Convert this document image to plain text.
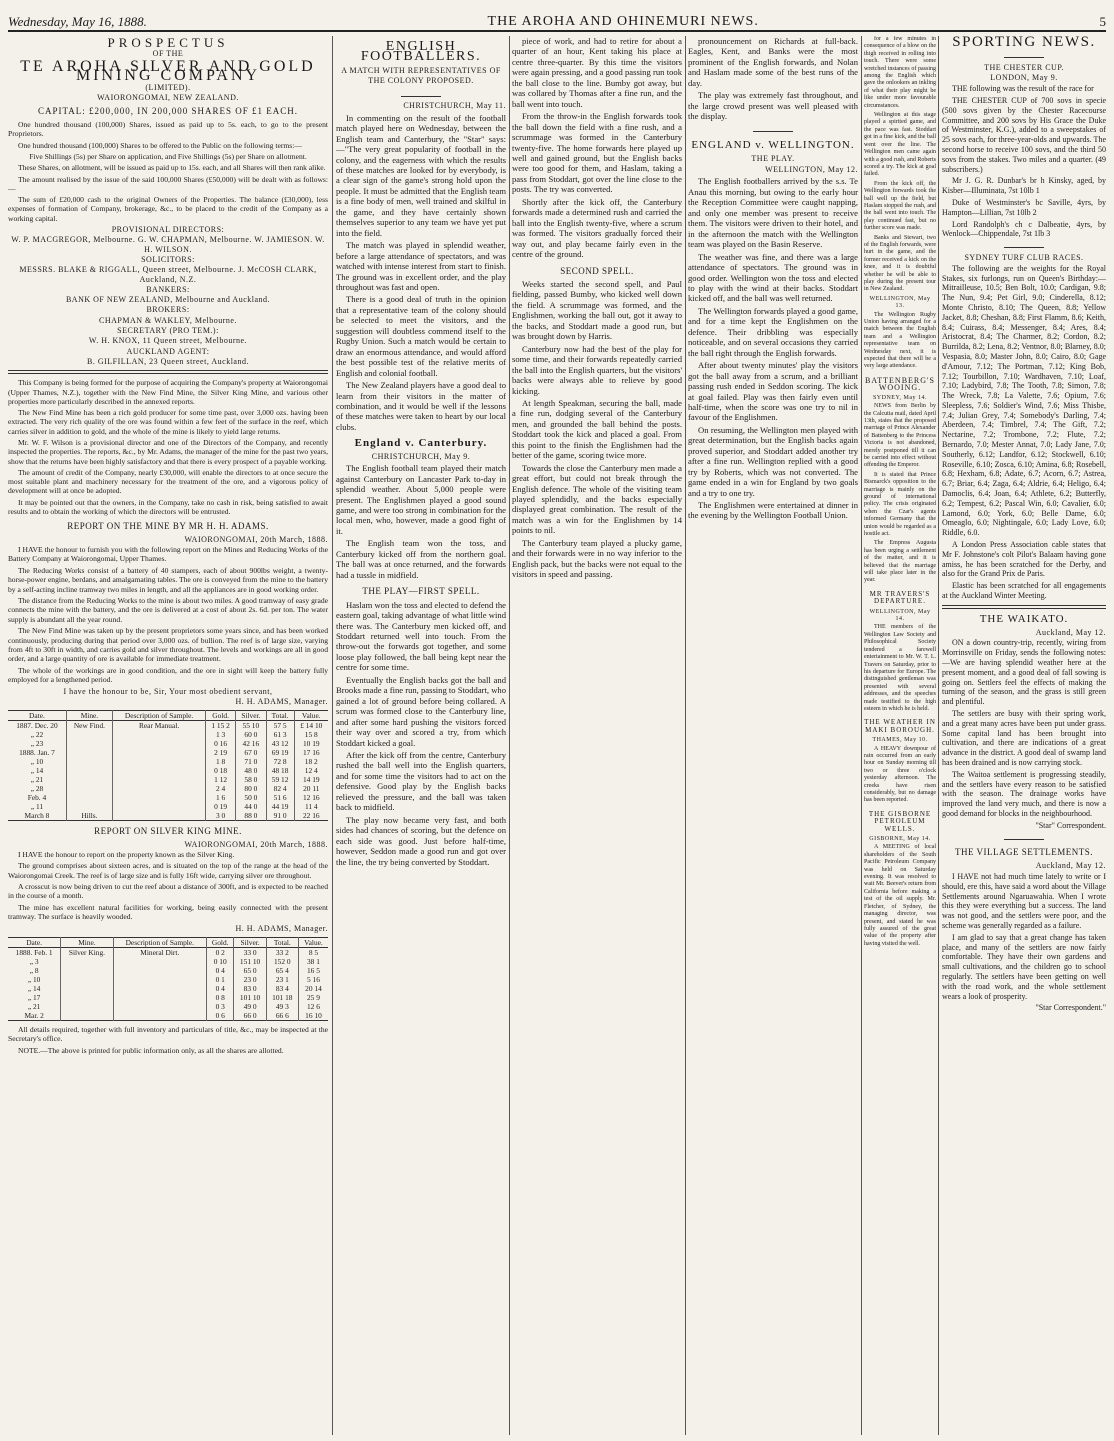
Wednesday, May 16, 1888.	THE AROHA AND OHINEMURI NEWS.	5
PROSPECTUS
OF THE
TE AROHA SILVER AND GOLD MINING COMPANY
(LIMITED).
WAIORONGOMAI, NEW ZEALAND.
CAPITAL: £200,000, IN 200,000 SHARES OF £1 EACH.

One hundred thousand (100,000) Shares, issued as paid up to 5s. each, to go to the present Proprietors.

One hundred thousand (100,000) Shares to be offered to the Public on the following terms:—

Five Shillings (5s) per Share on application, and Five Shillings (5s) per Share on allotment.

These Shares, on allotment, will be issued as paid up to 15s. each, and all Shares will then rank alike.

The amount realised by the issue of the said 100,000 Shares (£50,000) will be dealt with as follows:—

The sum of £20,000 cash to the original Owners of the Properties. The balance (£30,000), less expenses of formation of Company, brokerage, &c., to be placed to the credit of the Company as a working capital.

PROVISIONAL DIRECTORS:
W. P. MACGREGOR, Melbourne. G. W. CHAPMAN, Melbourne. W. JAMIESON. W. H. WILSON.
SOLICITORS:
MESSRS. BLAKE & RIGGALL, Queen street, Melbourne. J. McCOSH CLARK, Auckland, N.Z.
BANKERS:
BANK OF NEW ZEALAND, Melbourne and Auckland.
BROKERS:
CHAPMAN & WAKLEY, Melbourne.
SECRETARY (PRO TEM.):
W. H. KNOX, 11 Queen street, Melbourne.
AUCKLAND AGENT:
B. GILFILLAN, 23 Queen street, Auckland.

This Company is being formed for the purpose of acquiring the Company's property at Waiorongomai (Upper Thames, N.Z.), together with the New Find Mine, the Silver King Mine, and various other properties more particularly described in the annexed reports.

The New Find Mine has been a rich gold producer for some time past, over 3,000 ozs. having been extracted. The very rich quality of the ore was found within a few feet of the surface in the reef, which carries silver in addition to gold, and the whole of the mine is likely to yield large returns.

Mr. W. F. Wilson is a provisional director and one of the Directors of the Company, and recently inspected the properties. The reports, &c., by Mr. Adams, the manager of the mine for the past two years, show that the returns have been highly satisfactory and that there is every prospect of a payable working.

The amount of credit of the Company, nearly £30,000, will enable the directors to at once secure the most suitable plant and machinery necessary for the treatment of the ore, and a vigorous policy of development will at once be adopted.

It may be pointed out that the owners, in the Company, take no cash in risk, being satisfied to await results and to obtain the working of which the directors will be entrusted.

REPORT ON THE MINE BY MR H. H. ADAMS.
WAIORONGOMAI, 20th March, 1888.

I HAVE the honour to furnish you with the following report on the Mines and Reducing Works of the Battery Company at Waiorongomai, Upper Thames.

The Reducing Works consist of a battery of 40 stampers, each of about 900lbs weight, a twenty-horse-power engine, berdans, and amalgamating tables. The ore is conveyed from the mine to the battery by a self-acting incline tramway two miles in length, and all the appliances are in good working order.

The distance from the Reducing Works to the mine is about two miles. A good tramway of easy grade connects the mine with the battery, and the ore is delivered at a cost of about 2s. 6d. per ton. The water supply is abundant all the year round.

The New Find Mine was taken up by the present proprietors some years since, and has been worked continuously, producing during that period over 3,000 ozs. of bullion. The reef is of large size, varying from 4ft to 30ft in width, and carries gold and silver throughout. The levels and workings are all in good order, and a large quantity of ore is available for immediate treatment.

The whole of the workings are in good condition, and the ore in sight will keep the battery fully employed for a lengthened period.

I have the honour to be, Sir, Your most obedient servant,
H. H. ADAMS, Manager.
Date.	Mine.	Description of Sample.	Gold.	Silver.	Total.	Value.
1887. Dec. 20	New Find.	Rear Manual.	1 15 2	55 10	57 5	£ 14 10
„ 22			1 3	60 0	61 3	15 8
„ 23			0 16	42 16	43 12	10 19
1888. Jan. 7			2 19	67 0	69 19	17 16
„ 10			1 8	71 0	72 8	18 2
„ 14			0 18	48 0	48 18	12 4
„ 21			1 12	58 0	59 12	14 19
„ 28			2 4	80 0	82 4	20 11
Feb. 4			1 6	50 0	51 6	12 16
„ 11			0 19	44 0	44 19	11 4
March 8	Hills.		3 0	88 0	91 0	22 16
REPORT ON SILVER KING MINE.
WAIORONGOMAI, 20th March, 1888.

I HAVE the honour to report on the property known as the Silver King.

The ground comprises about sixteen acres, and is situated on the top of the range at the head of the Waiorongomai Creek. The reef is of large size and is fully 16ft wide, carrying silver ore throughout.

A crosscut is now being driven to cut the reef about a distance of 300ft, and is expected to be reached in the course of a month.

The mine has excellent natural facilities for working, being easily connected with the present tramway. The surface is heavily wooded.

H. H. ADAMS, Manager.
Date.	Mine.	Description of Sample.	Gold.	Silver.	Total.	Value.
1888. Feb. 1	Silver King.	Mineral Dirt.	0 2	33 0	33 2	8 5
„ 3			0 10	151 10	152 0	38 1
„ 8			0 4	65 0	65 4	16 5
„ 10			0 1	23 0	23 1	5 16
„ 14			0 4	83 0	83 4	20 14
„ 17			0 8	101 10	101 18	25 9
„ 21			0 3	49 0	49 3	12 6
Mar. 2			0 6	66 0	66 6	16 10

All details required, together with full inventory and particulars of title, &c., may be inspected at the Secretary's office.

NOTE.—The above is printed for public information only, as all the shares are allotted.

ENGLISH FOOTBALLERS.
A MATCH WITH REPRESENTATIVES OF THE COLONY PROPOSED.
CHRISTCHURCH, May 11.

In commenting on the result of the football match played here on Wednesday, between the English team and Canterbury, the "Star" says:—"The very great popularity of football in the colony, and the eagerness with which the results of these matches are looked for by everybody, is a clear sign of the game's strong hold upon the people. It must be admitted that the English team is a fine body of men, well trained and skilful in the game, and they have certainly shown themselves superior to any team we have yet put into the field.

The match was played in splendid weather, before a large attendance of spectators, and was watched with intense interest from start to finish. The ground was in excellent order, and the play throughout was fast and open.

There is a good deal of truth in the opinion that a representative team of the colony should be selected to meet the visitors, and the suggestion will doubtless commend itself to the Rugby Union. Such a match would be certain to draw an enormous attendance, and would afford the best possible test of the relative merits of English and colonial football.

The New Zealand players have a good deal to learn from their visitors in the matter of combination, and it would be well if the lessons of these matches were taken to heart by our local clubs.

England v. Canterbury.
CHRISTCHURCH, May 9.

The English football team played their match against Canterbury on Lancaster Park to-day in splendid weather. About 5,000 people were present. The Englishmen played a good sound game, and were too strong in combination for the local men, who, however, made a good fight of it.

The English team won the toss, and Canterbury kicked off from the northern goal. The ball was at once returned, and the forwards had a tussle in midfield.

THE PLAY—FIRST SPELL.

Haslam won the toss and elected to defend the eastern goal, taking advantage of what little wind there was. The Canterbury men kicked off, and Stoddart returned well into touch. From the throw-out the forwards got together, and some loose play followed, the ball being kept near the centre for some time.

Eventually the English backs got the ball and Brooks made a fine run, passing to Stoddart, who gained a lot of ground before being collared. A scrum was formed close to the Canterbury line, and after some hard pushing the visitors forced their way over and scored a try, from which Stoddart kicked a goal.

After the kick off from the centre, Canterbury rushed the ball well into the English quarters, and for some time the visitors had to act on the defensive. Good play by the English backs relieved the pressure, and the ball was taken back to midfield.

The play now became very fast, and both sides had chances of scoring, but the defence on each side was good. Just before half-time, however, Seddon made a good run and got over the line, the try being converted by Stoddart.

piece of work, and had to retire for about a quarter of an hour, Kent taking his place at centre three-quarter. By this time the visitors were again pressing, and a good passing run took the ball close to the line. Bumby got away, but was collared by Thomas after a fine run, and the ball went into touch.

From the throw-in the English forwards took the ball down the field with a fine rush, and a scrummage was formed in the Canterbury twenty-five. The home forwards here played up well and gained ground, but the English backs were too good for them, and Haslam, taking a pass from Stoddart, got over the line close to the posts. The try was converted.

Shortly after the kick off, the Canterbury forwards made a determined rush and carried the ball into the English twenty-five, where a scrum was formed. The visitors gradually forced their way out, and play became fairly even in the centre of the ground.

SECOND SPELL.

Weeks started the second spell, and Paul fielding, passed Bumby, who kicked well down the field. A scrummage was formed, and the Englishmen, working the ball out, got it away to the backs, and Stoddart made a good run, but was brought down by Harris.

Canterbury now had the best of the play for some time, and their forwards repeatedly carried the ball into the English quarters, but the visitors' backs were always able to relieve by good kicking.

At length Speakman, securing the ball, made a fine run, dodging several of the Canterbury men, and grounded the ball behind the posts. Stoddart took the kick and placed a goal. From this point to the finish the Englishmen had the better of the game, scoring twice more.

Towards the close the Canterbury men made a great effort, but could not break through the English defence. The whole of the visiting team played splendidly, and the backs especially displayed great combination. The result of the match was a win for the Englishmen by 14 points to nil.

The Canterbury team played a plucky game, and their forwards were in no way inferior to the English pack, but the backs were not equal to the visitors in speed and passing.

pronouncement on Richards at full-back. Eagles, Kent, and Banks were the most prominent of the English forwards, and Nolan and Haslam made some of the best runs of the day.

The play was extremely fast throughout, and the large crowd present was well pleased with the display.

ENGLAND v. WELLINGTON.
THE PLAY.
WELLINGTON, May 12.

The English footballers arrived by the s.s. Te Anau this morning, but owing to the early hour the Reception Committee were caught napping, and only one member was present to receive them. The visitors were driven to their hotel, and in the afternoon the match with the Wellington team was played on the Basin Reserve.

The weather was fine, and there was a large attendance of spectators. The ground was in good order. Wellington won the toss and elected to play with the wind at their backs. Stoddart kicked off, and the ball was well returned.

The Wellington forwards played a good game, and for a time kept the Englishmen on the defence. Their dribbling was especially noticeable, and on several occasions they carried the ball right through the English forwards.

After about twenty minutes' play the visitors got the ball away from a scrum, and a brilliant passing rush ended in Seddon scoring. The kick at goal failed. Play was then fairly even until half-time, when the score was one try to nil in favour of the Englishmen.

On resuming, the Wellington men played with great determination, but the English backs again proved superior, and Stoddart added another try after a fine run. Wellington replied with a good try by Roberts, which was not converted. The game ended in a win for England by two goals and a try to one try.

The Englishmen were entertained at dinner in the evening by the Wellington Football Union.

for a few minutes in consequence of a blow on the thigh received in rolling into touch. There were some wretched instances of passing among the English which gave the onlookers an inkling of what their play might be like under more favourable circumstances.

Wellington at this stage played a spirited game, and the pace was fast. Stoddart got in a fine kick, and the ball went over the line. The Wellington men came again with a good rush, and Roberts scored a try. The kick at goal failed.

From the kick off, the Wellington forwards took the ball well up the field, but Haslam stopped the rush, and the ball went into touch. The play continued fast, but no further score was made.

Banks and Stewart, two of the English forwards, were hurt in the game, and the former received a kick on the knee, and it is doubtful whether he will be able to play during the present tour in New Zealand.

WELLINGTON, May 13.

The Wellington Rugby Union having arranged for a match between the English team and a Wellington representative team on Wednesday next, it is expected that there will be a very large attendance.

BATTENBERG'S WOOING.
SYDNEY, May 14.

NEWS from Berlin by the Calcutta mail, dated April 13th, states that the proposed marriage of Prince Alexander of Battenberg to the Princess Victoria is not abandoned, merely postponed till it can be carried into effect without offending the Emperor.

It is stated that Prince Bismarck's opposition to the marriage is mainly on the ground of international policy. The crisis originated when the Czar's agents informed Germany that the union would be regarded as a hostile act.

The Empress Augusta has been urging a settlement of the matter, and it is believed that the marriage will take place later in the year.

MR TRAVERS'S DEPARTURE.
WELLINGTON, May 14.

THE members of the Wellington Law Society and Philosophical Society tendered a farewell entertainment to Mr. W. T. L. Travers on Saturday, prior to his departure for Europe. The distinguished gentleman was presented with several addresses, and the speeches made testified to the high esteem in which he is held.

THE WEATHER IN MAKI BOROUGH.
THAMES, May 10.

A HEAVY downpour of rain occurred from an early hour on Sunday morning till two or three o'clock yesterday afternoon. The creeks have risen considerably, but no damage has been reported.

THE GISBORNE PETROLEUM WELLS.
GISBORNE, May 14.

A MEETING of local shareholders of the South Pacific Petroleum Company was held on Saturday evening. It was resolved to wait Mr. Beever's return from California before making a test of the oil supply. Mr. Fletcher, of Sydney, the managing director, was present, and stated he was fully assured of the great value of the property after having visited the well.

SPORTING NEWS.
THE CHESTER CUP.
LONDON, May 9.

THE following was the result of the race for

THE CHESTER CUP of 700 sovs in specie (500 sovs given by the Chester Racecourse Committee, and 200 sovs by His Grace the Duke of Westminster, K.G.), added to a sweepstakes of 25 sovs each, for three-year-olds and upwards. The second horse to receive 100 sovs, and the third 50 sovs from the stakes. Two miles and a quarter. (49 subscribers.)

Mr J. G. R. Dunbar's br h Kinsky, aged, by Kisber—Illuminata, 7st 10lb 1

Duke of Westminster's bc Saville, 4yrs, by Hampton—Lillian, 7st 10lb 2

Lord Randolph's ch c Dalbeatie, 4yrs, by Wenlock—Chippendale, 7st 1lb 3

SYDNEY TURF CLUB RACES.

The following are the weights for the Royal Stakes, six furlongs, run on Queen's Birthday:—Mitrailleuse, 10.5; Ben Bolt, 10.0; Cardigan, 9.8; The Nun, 9.4; Pet Girl, 9.0; Cinderella, 8.12; Monte Christo, 8.10; The Queen, 8.8; Yellow Jacket, 8.8; Cheshan, 8.8; First Flamm, 8.6; Keith, 8.4; Cuirass, 8.4; Messenger, 8.4; Ares, 8.4; Aristocrat, 8.4; The Charmer, 8.2; Cordon, 8.2; Burrilda, 8.2; Lena, 8.2; Ventnor, 8.0; Blarney, 8.0; Vespasia, 8.0; Master John, 8.0; Cairo, 8.0; Gage d'Amour, 7.12; The Portman, 7.12; King Bob, 7.12; Tourbillon, 7.10; Wardhaven, 7.10; Loaf, 7.10; Ladybird, 7.8; The Tooth, 7.8; Simon, 7.8; The Wreck, 7.8; La Valette, 7.6; Opium, 7.6; Sleepless, 7.6; Soldier's Wind, 7.6; Miss Thisbe, 7.4; Julian Grey, 7.4; Somebody's Darling, 7.4; Aberdeen, 7.4; Timbrel, 7.4; The Gift, 7.2; Nectarine, 7.2; Trombone, 7.2; Flute, 7.2; Bernardo, 7.0; Mester Annat, 7.0; Lady Jane, 7.0; Southerly, 6.12; Landfor, 6.12; Stockwell, 6.10; Roseville, 6.10; Zosca, 6.10; Amina, 6.8; Rosebell, 6.8; Hexham, 6.8; Adate, 6.7; Acorn, 6.7; Astrea, 6.7; Briar, 6.4; Zaga, 6.4; Aldrie, 6.4; Heligo, 6.4; Damoclis, 6.4; Joan, 6.4; Athlete, 6.2; Butterfly, 6.2; Tempest, 6.2; Pascal Win, 6.0; Cavalier, 6.0; Lamond, 6.0; York, 6.0; Belle Dame, 6.0; Omeaglo, 6.0; Nightingale, 6.0; Lady Love, 6.0; Riddle, 6.0.

A London Press Association cable states that Mr F. Johnstone's colt Pilot's Balaam having gone amiss, he has been scratched for the Derby, and also for the Grand Prix de Paris.

Elastic has been scratched for all engagements at the Auckland Winter Meeting.

THE WAIKATO.
Auckland, May 12.

ON a down country-trip, recently, wiring from Morrinsville on Friday, sends the following notes:—We are having splendid weather here at the present moment, and a good deal of fall sowing is going on. Settlers feel the effects of making the turning of the season, and the grass is still green and plentiful.

The settlers are busy with their spring work, and a great many acres have been put under grass. Some capital land has been brought into cultivation, and there are indications of a great advance in the district. A good deal of swamp land has been drained and is now carrying stock.

The Waitoa settlement is progressing steadily, and the settlers have every reason to be satisfied with the season. The drainage works have improved the land very much, and there is now a good demand for blocks in the neighbourhood.

"Star" Correspondent.

THE VILLAGE SETTLEMENTS.
Auckland, May 12.

I HAVE not had much time lately to write or I should, ere this, have said a word about the Village Settlements around Ngaruawahia. When I wrote this they were everything but a success. The land was not good, and the settlers were poor, and the scheme was generally regarded as a failure.

I am glad to say that a great change has taken place, and many of the settlers are now fairly comfortable. They have their own gardens and small cultivations, and the children go to school regularly. The settlers have been getting on well with the road work, and the whole settlement wears a look of prosperity.

"Star Correspondent."
